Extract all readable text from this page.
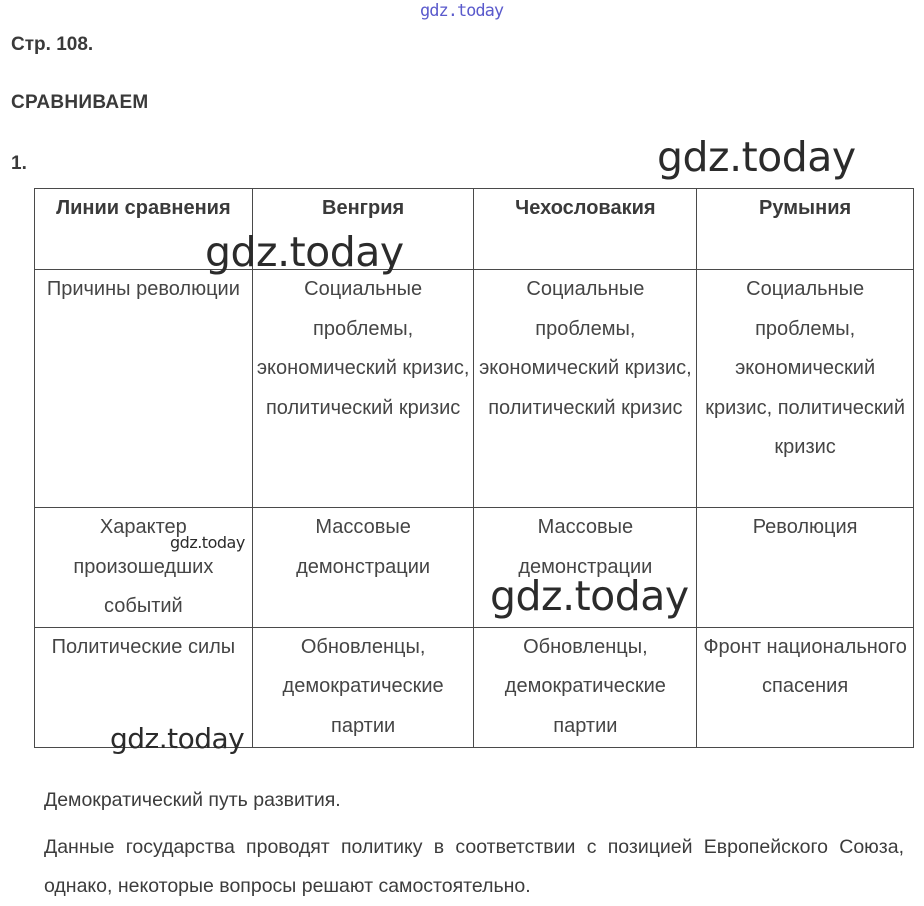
gdz.today
Стр. 108.
СРАВНИВАЕМ
1.
Линии сравнения	Венгрия	Чехословакия	Румыния
Причины революции	Социальные проблемы, экономический кризис, политический кризис	Социальные проблемы, экономический кризис, политический кризис	Социальные проблемы, экономический кризис, политический кризис
Характер произошедших событий	Массовые демонстрации	Массовые демонстрации	Революция
Политические силы	Обновленцы, демократические партии	Обновленцы, демократические партии	Фронт национального спасения
Демократический путь развития.
Данные государства проводят политику в соответствии с позицией Европейского Союза, однако, некоторые вопросы решают самостоятельно.
gdz.today
gdz.today
gdz.today
gdz.today
gdz.today
